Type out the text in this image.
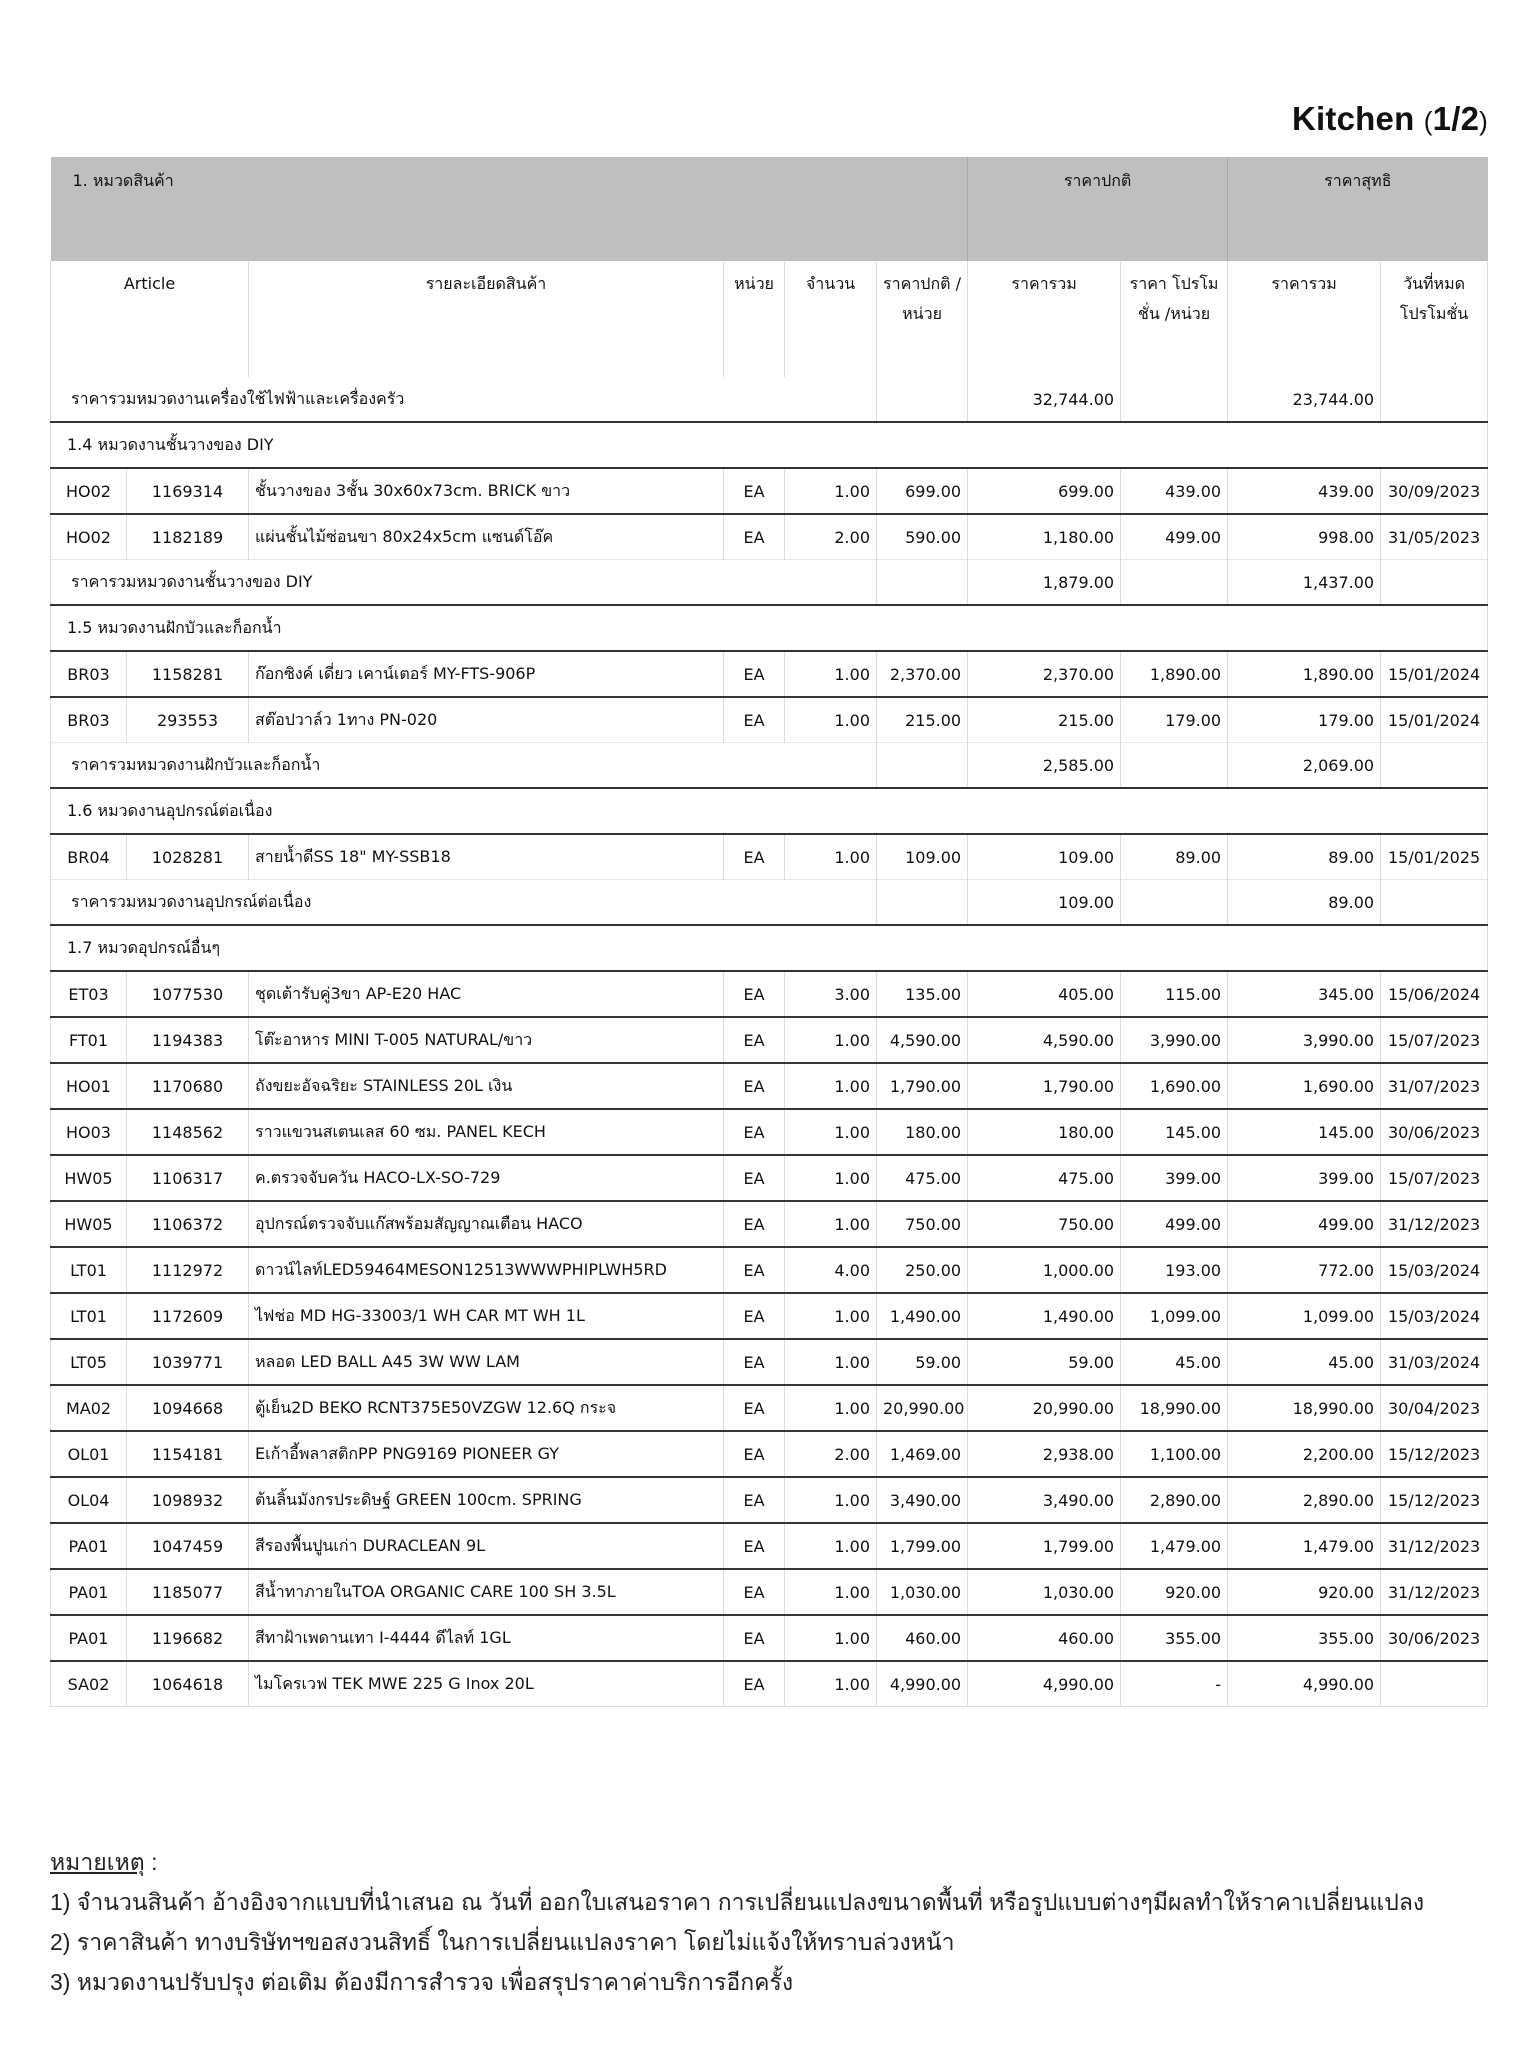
Kitchen (1/2)
1. หมวดสินค้า						ราคาปกติ		ราคาสุทธิ	
Article		รายละเอียดสินค้า	หน่วย	จำนวน	ราคาปกติ /หน่วย	ราคารวม	ราคา โปรโมชั่น /หน่วย	ราคารวม	วันที่หมด โปรโมชั่น
ราคารวมหมวดงานเครื่องใช้ไฟฟ้าและเครื่องครัว						32,744.00		23,744.00	
1.4 หมวดงานชั้นวางของ DIY									
HO02	1169314	ชั้นวางของ 3ชั้น 30x60x73cm. BRICK ขาว	EA	1.00	699.00	699.00	439.00	439.00	30/09/2023
HO02	1182189	แผ่นชั้นไม้ซ่อนขา 80x24x5cm แซนด์โอ๊ค	EA	2.00	590.00	1,180.00	499.00	998.00	31/05/2023
ราคารวมหมวดงานชั้นวางของ DIY						1,879.00		1,437.00	
1.5 หมวดงานฝักบัวและก็อกน้ำ									
BR03	1158281	ก๊อกซิงค์ เดี่ยว เคาน์เตอร์ MY-FTS-906P	EA	1.00	2,370.00	2,370.00	1,890.00	1,890.00	15/01/2024
BR03	293553	สต๊อปวาล์ว 1ทาง PN-020	EA	1.00	215.00	215.00	179.00	179.00	15/01/2024
ราคารวมหมวดงานฝักบัวและก็อกน้ำ						2,585.00		2,069.00	
1.6 หมวดงานอุปกรณ์ต่อเนื่อง									
BR04	1028281	สายน้ำดีSS 18" MY-SSB18	EA	1.00	109.00	109.00	89.00	89.00	15/01/2025
ราคารวมหมวดงานอุปกรณ์ต่อเนื่อง						109.00		89.00	
1.7 หมวดอุปกรณ์อื่นๆ									
ET03	1077530	ชุดเต้ารับคู่3ขา AP-E20 HAC	EA	3.00	135.00	405.00	115.00	345.00	15/06/2024
FT01	1194383	โต๊ะอาหาร MINI T-005 NATURAL/ขาว	EA	1.00	4,590.00	4,590.00	3,990.00	3,990.00	15/07/2023
HO01	1170680	ถังขยะอัจฉริยะ STAINLESS 20L เงิน	EA	1.00	1,790.00	1,790.00	1,690.00	1,690.00	31/07/2023
HO03	1148562	ราวแขวนสเตนเลส 60 ซม. PANEL KECH	EA	1.00	180.00	180.00	145.00	145.00	30/06/2023
HW05	1106317	ค.ตรวจจับควัน HACO-LX-SO-729	EA	1.00	475.00	475.00	399.00	399.00	15/07/2023
HW05	1106372	อุปกรณ์ตรวจจับแก๊สพร้อมสัญญาณเตือน HACO	EA	1.00	750.00	750.00	499.00	499.00	31/12/2023
LT01	1112972	ดาวน์ไลท์LED59464MESON12513WWWPHIPLWH5RD	EA	4.00	250.00	1,000.00	193.00	772.00	15/03/2024
LT01	1172609	ไฟช่อ MD HG-33003/1 WH CAR MT WH 1L	EA	1.00	1,490.00	1,490.00	1,099.00	1,099.00	15/03/2024
LT05	1039771	หลอด LED BALL A45 3W WW LAM	EA	1.00	59.00	59.00	45.00	45.00	31/03/2024
MA02	1094668	ตู้เย็น2D BEKO RCNT375E50VZGW 12.6Q กระจ	EA	1.00	20,990.00	20,990.00	18,990.00	18,990.00	30/04/2023
OL01	1154181	Eเก้าอี้พลาสติกPP PNG9169 PIONEER GY	EA	2.00	1,469.00	2,938.00	1,100.00	2,200.00	15/12/2023
OL04	1098932	ต้นลิ้นมังกรประดิษฐ์ GREEN 100cm. SPRING	EA	1.00	3,490.00	3,490.00	2,890.00	2,890.00	15/12/2023
PA01	1047459	สีรองพื้นปูนเก่า DURACLEAN 9L	EA	1.00	1,799.00	1,799.00	1,479.00	1,479.00	31/12/2023
PA01	1185077	สีน้ำทาภายในTOA ORGANIC CARE 100 SH 3.5L	EA	1.00	1,030.00	1,030.00	920.00	920.00	31/12/2023
PA01	1196682	สีทาฝ้าเพดานเทา I-4444 ดีไลท์ 1GL	EA	1.00	460.00	460.00	355.00	355.00	30/06/2023
SA02	1064618	ไมโครเวฟ TEK MWE 225 G Inox 20L	EA	1.00	4,990.00	4,990.00	-	4,990.00	
หมายเหตุ :
1) จำนวนสินค้า อ้างอิงจากแบบที่นำเสนอ ณ วันที่ ออกใบเสนอราคา การเปลี่ยนแปลงขนาดพื้นที่ หรือรูปแบบต่างๆมีผลทำให้ราคาเปลี่ยนแปลง
2) ราคาสินค้า ทางบริษัทฯขอสงวนสิทธิ์ ในการเปลี่ยนแปลงราคา โดยไม่แจ้งให้ทราบล่วงหน้า
3) หมวดงานปรับปรุง ต่อเติม ต้องมีการสำรวจ เพื่อสรุปราคาค่าบริการอีกครั้ง
